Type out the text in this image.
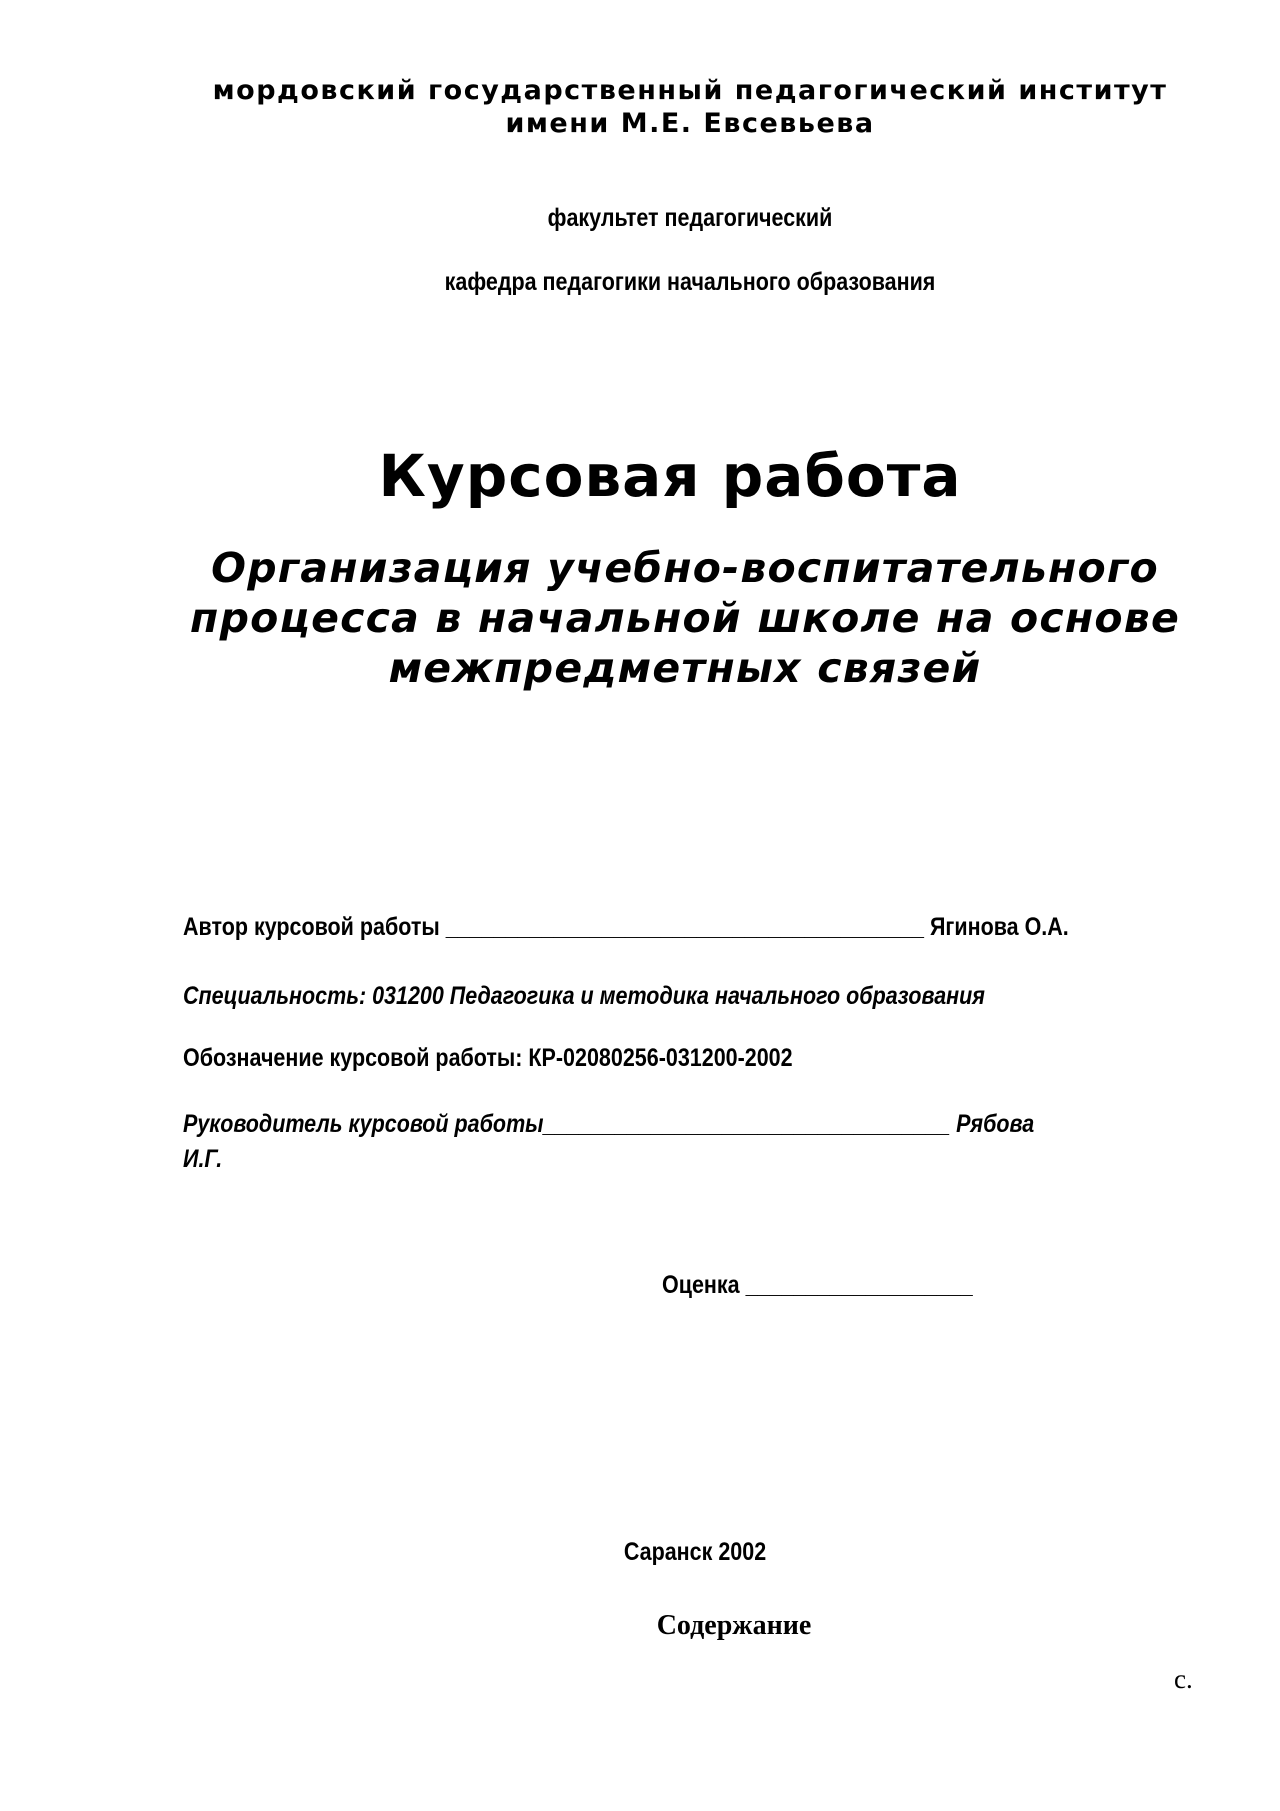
мордовский государственный педагогический институт
имени М.Е. Евсевьева
факультет педагогический
кафедра педагогики начального образования
Курсовая работа
Организация учебно-воспитательного
процесса в начальной школе на основе
межпредметных связей
Автор курсовой работы ________________________________________ Ягинова О.А.
Специальность: 031200 Педагогика и методика начального образования
Обозначение курсовой работы: КР-02080256-031200-2002
Руководитель курсовой работы__________________________________ Рябова
И.Г.
Оценка ___________________
Саранск 2002
Содержание
с.
